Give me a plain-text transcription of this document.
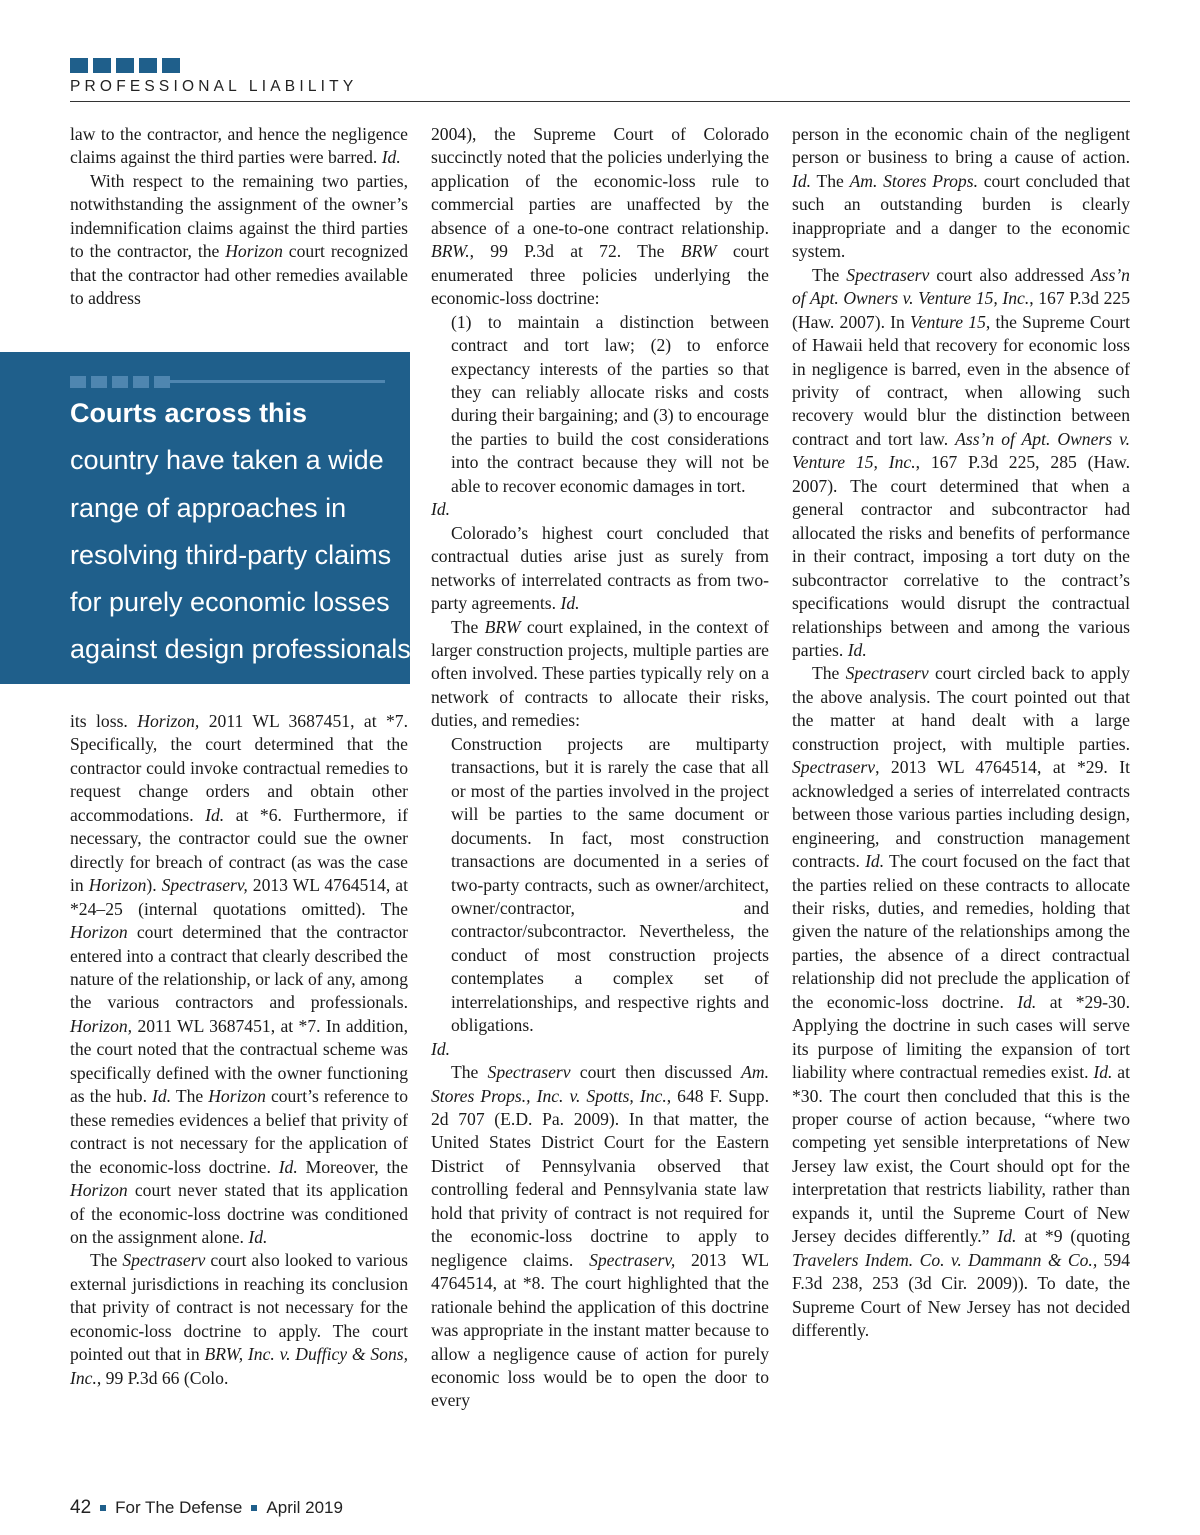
PROFESSIONAL LIABILITY

law to the contractor, and hence the negligence claims against the third parties were barred. Id.

With respect to the remaining two parties, notwithstanding the assignment of the owner’s indemnification claims against the third parties to the contractor, the Horizon court recognized that the contractor had other remedies available to address

Courts across this
country have taken a wide
range of approaches in
resolving third-party claims
for purely economic losses
against design professionals.

its loss. Horizon, 2011 WL 3687451, at *7. Specifically, the court determined that the contractor could invoke contractual remedies to request change orders and obtain other accommodations. Id. at *6. Furthermore, if necessary, the contractor could sue the owner directly for breach of contract (as was the case in Horizon). Spectraserv, 2013 WL 4764514, at *24–25 (internal quotations omitted). The Horizon court determined that the contractor entered into a contract that clearly described the nature of the relationship, or lack of any, among the various contractors and professionals. Horizon, 2011 WL 3687451, at *7. In addition, the court noted that the contractual scheme was specifically defined with the owner functioning as the hub. Id. The Horizon court’s reference to these remedies evidences a belief that privity of contract is not necessary for the application of the economic-loss doctrine. Id. Moreover, the Horizon court never stated that its application of the economic-loss doctrine was conditioned on the assignment alone. Id.

The Spectraserv court also looked to various external jurisdictions in reaching its conclusion that privity of contract is not necessary for the economic-loss doctrine to apply. The court pointed out that in BRW, Inc. v. Dufficy & Sons, Inc., 99 P.3d 66 (Colo.

2004), the Supreme Court of Colorado succinctly noted that the policies underlying the application of the economic-loss rule to commercial parties are unaffected by the absence of a one-to-one contract relationship. BRW., 99 P.3d at 72. The BRW court enumerated three policies underlying the economic-loss doctrine:

(1) to maintain a distinction between contract and tort law; (2) to enforce expectancy interests of the parties so that they can reliably allocate risks and costs during their bargaining; and (3) to encourage the parties to build the cost considerations into the contract because they will not be able to recover economic damages in tort.

Id.

Colorado’s highest court concluded that contractual duties arise just as surely from networks of interrelated contracts as from two-party agreements. Id.

The BRW court explained, in the context of larger construction projects, multiple parties are often involved. These parties typically rely on a network of contracts to allocate their risks, duties, and remedies:

Construction projects are multiparty transactions, but it is rarely the case that all or most of the parties involved in the project will be parties to the same document or documents. In fact, most construction transactions are documented in a series of two-party contracts, such as owner/architect, owner/contractor, and contractor/subcontractor. Nevertheless, the conduct of most construction projects contemplates a complex set of interrelationships, and respective rights and obligations.

Id.

The Spectraserv court then discussed Am. Stores Props., Inc. v. Spotts, Inc., 648 F. Supp. 2d 707 (E.D. Pa. 2009). In that matter, the United States District Court for the Eastern District of Pennsylvania observed that controlling federal and Pennsylvania state law hold that privity of contract is not required for the economic-loss doctrine to apply to negligence claims. Spectraserv, 2013 WL 4764514, at *8. The court highlighted that the rationale behind the application of this doctrine was appropriate in the instant matter because to allow a negligence cause of action for purely economic loss would be to open the door to every

person in the economic chain of the negligent person or business to bring a cause of action. Id. The Am. Stores Props. court concluded that such an outstanding burden is clearly inappropriate and a danger to the economic system.

The Spectraserv court also addressed Ass’n of Apt. Owners v. Venture 15, Inc., 167 P.3d 225 (Haw. 2007). In Venture 15, the Supreme Court of Hawaii held that recovery for economic loss in negligence is barred, even in the absence of privity of contract, when allowing such recovery would blur the distinction between contract and tort law. Ass’n of Apt. Owners v. Venture 15, Inc., 167 P.3d 225, 285 (Haw. 2007). The court determined that when a general contractor and subcontractor had allocated the risks and benefits of performance in their contract, imposing a tort duty on the subcontractor correlative to the contract’s specifications would disrupt the contractual relationships between and among the various parties. Id.

The Spectraserv court circled back to apply the above analysis. The court pointed out that the matter at hand dealt with a large construction project, with multiple parties. Spectraserv, 2013 WL 4764514, at *29. It acknowledged a series of interrelated contracts between those various parties including design, engineering, and construction management contracts. Id. The court focused on the fact that the parties relied on these contracts to allocate their risks, duties, and remedies, holding that given the nature of the relationships among the parties, the absence of a direct contractual relationship did not preclude the application of the economic-loss doctrine. Id. at *29-30. Applying the doctrine in such cases will serve its purpose of limiting the expansion of tort liability where contractual remedies exist. Id. at *30. The court then concluded that this is the proper course of action because, “where two competing yet sensible interpretations of New Jersey law exist, the Court should opt for the interpretation that restricts liability, rather than expands it, until the Supreme Court of New Jersey decides differently.” Id. at *9 (quoting Travelers Indem. Co. v. Dammann & Co., 594 F.3d 238, 253 (3d Cir. 2009)). To date, the Supreme Court of New Jersey has not decided differently.

42 For The Defense April 2019
